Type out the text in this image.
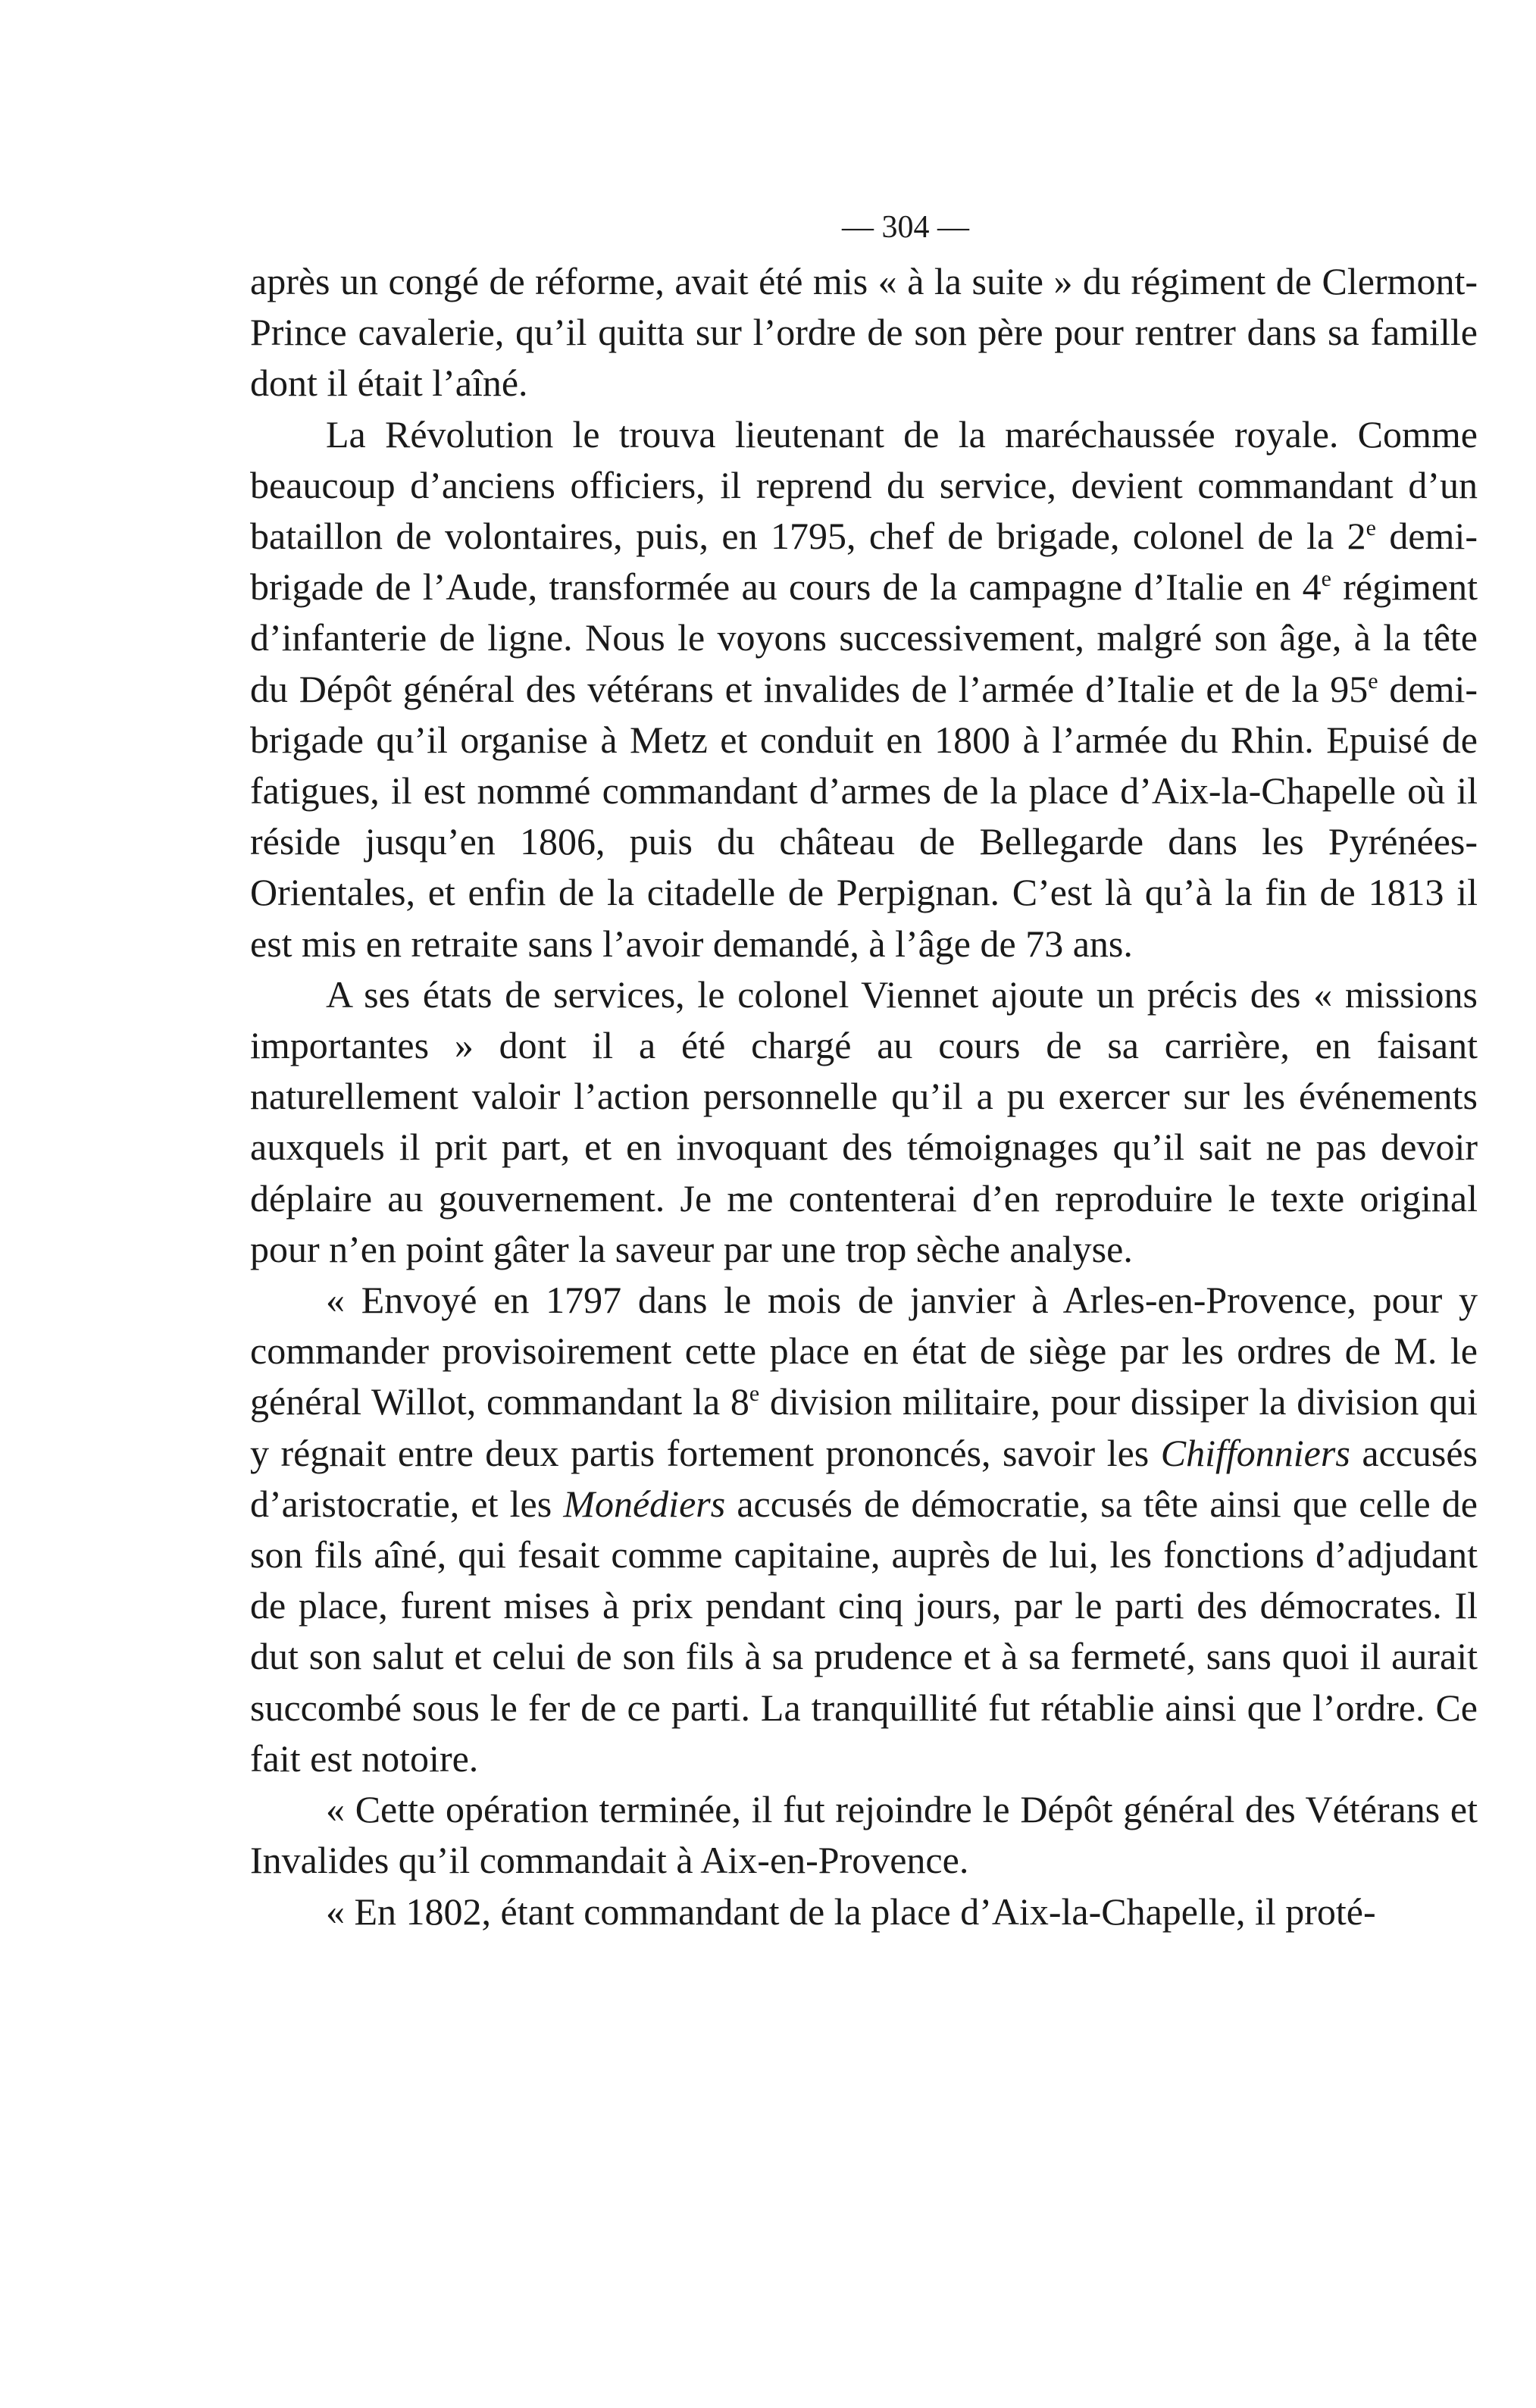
— 304 —

après un congé de réforme, avait été mis « à la suite » du régiment de Clermont-Prince cavalerie, qu’il quitta sur l’ordre de son père pour rentrer dans sa famille dont il était l’aîné.

La Révolution le trouva lieutenant de la maréchaussée royale. Comme beaucoup d’anciens officiers, il reprend du service, devient commandant d’un bataillon de volontaires, puis, en 1795, chef de brigade, colonel de la 2e demi-brigade de l’Aude, transformée au cours de la campagne d’Italie en 4e régiment d’infanterie de ligne. Nous le voyons successivement, malgré son âge, à la tête du Dépôt général des vétérans et invalides de l’armée d’Italie et de la 95e demi-brigade qu’il organise à Metz et conduit en 1800 à l’armée du Rhin. Epuisé de fatigues, il est nommé commandant d’armes de la place d’Aix-la-Chapelle où il réside jusqu’en 1806, puis du château de Bellegarde dans les Pyrénées-Orientales, et enfin de la citadelle de Perpignan. C’est là qu’à la fin de 1813 il est mis en retraite sans l’avoir demandé, à l’âge de 73 ans.

A ses états de services, le colonel Viennet ajoute un précis des « missions importantes » dont il a été chargé au cours de sa carrière, en faisant naturellement valoir l’action personnelle qu’il a pu exercer sur les événements auxquels il prit part, et en invoquant des témoignages qu’il sait ne pas devoir déplaire au gouvernement. Je me contenterai d’en reproduire le texte original pour n’en point gâter la saveur par une trop sèche analyse.

« Envoyé en 1797 dans le mois de janvier à Arles-en-Provence, pour y commander provisoirement cette place en état de siège par les ordres de M. le général Willot, commandant la 8e division militaire, pour dissiper la division qui y régnait entre deux partis fortement prononcés, savoir les Chiffonniers accusés d’aristocratie, et les Monédiers accusés de démocratie, sa tête ainsi que celle de son fils aîné, qui fesait comme capitaine, auprès de lui, les fonctions d’adjudant de place, furent mises à prix pendant cinq jours, par le parti des démocrates. Il dut son salut et celui de son fils à sa prudence et à sa fermeté, sans quoi il aurait succombé sous le fer de ce parti. La tranquillité fut rétablie ainsi que l’ordre. Ce fait est notoire.

« Cette opération terminée, il fut rejoindre le Dépôt général des Vétérans et Invalides qu’il commandait à Aix-en-Provence.

« En 1802, étant commandant de la place d’Aix-la-Chapelle, il proté-
